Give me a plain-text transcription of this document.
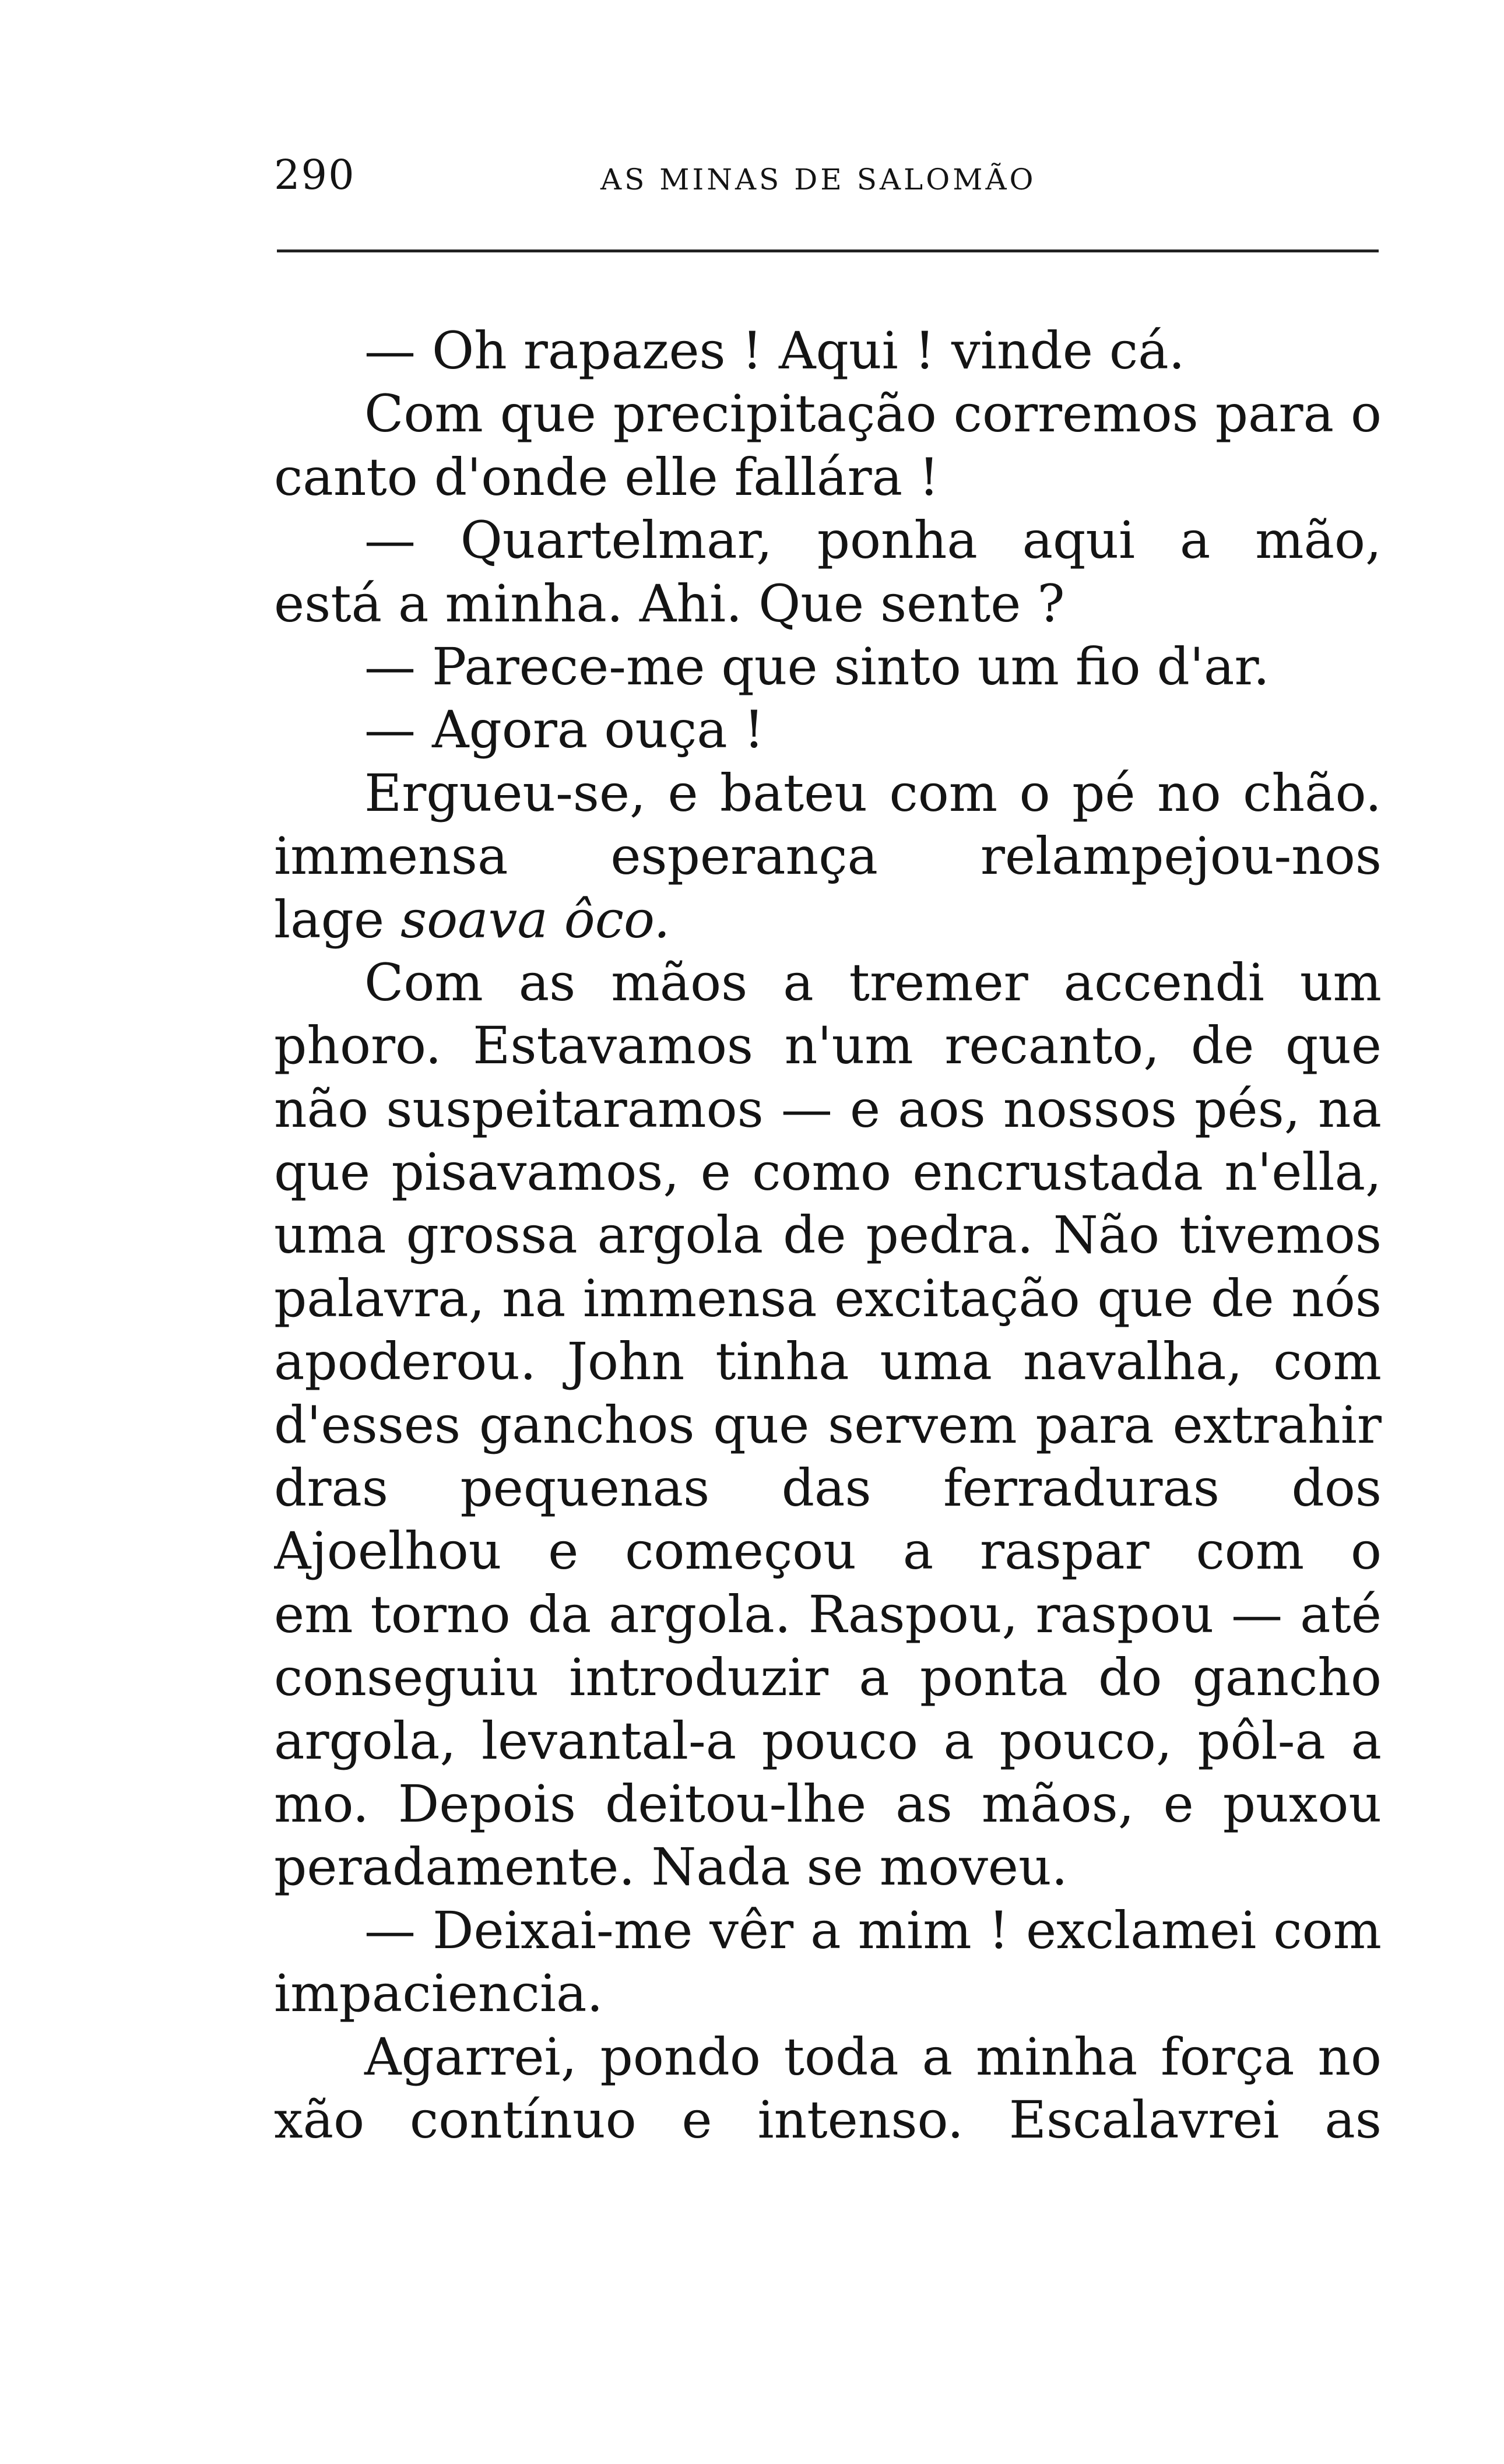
290	AS MINAS DE SALOMÃO
— Oh rapazes ! Aqui ! vinde cá.
Com que precipitação corremos para o
canto d'onde elle fallára !
— Quartelmar, ponha aqui a mão,
está a minha. Ahi. Que sente ?
— Parece-me que sinto um fio d'ar.
— Agora ouça !
Ergueu-se, e bateu com o pé no chão.
immensa esperança relampejou-nos
lage soava ôco.
Com as mãos a tremer accendi um
phoro. Estavamos n'um recanto, de que
não suspeitaramos — e aos nossos pés, na
que pisavamos, e como encrustada n'ella,
uma grossa argola de pedra. Não tivemos
palavra, na immensa excitação que de nós
apoderou. John tinha uma navalha, com
d'esses ganchos que servem para extrahir
dras pequenas das ferraduras dos
Ajoelhou e começou a raspar com o
em torno da argola. Raspou, raspou — até
conseguiu introduzir a ponta do gancho
argola, levantal-a pouco a pouco, pôl-a a
mo. Depois deitou-lhe as mãos, e puxou
peradamente. Nada se moveu.
— Deixai-me vêr a mim ! exclamei com
impaciencia.
Agarrei, pondo toda a minha força no
xão contínuo e intenso. Escalavrei as
